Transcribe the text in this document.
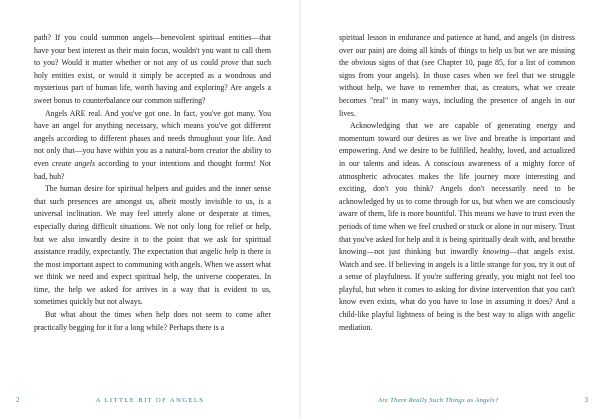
path? If you could summon angels—benevolent spiritual entities—that have your best interest as their main focus, wouldn't you want to call them to you? Would it matter whether or not any of us could prove that such holy entities exist, or would it simply be accepted as a wondrous and mysterious part of human life, worth having and exploring? Are angels a sweet bonus to counterbalance our common suffering?

Angels ARE real. And you've got one. In fact, you've got many. You have an angel for anything necessary, which means you've got different angels according to different phases and needs throughout your life. And not only that—you have within you as a natural-born creator the ability to even create angels according to your intentions and thought forms! Not bad, huh?

The human desire for spiritual helpers and guides and the inner sense that such presences are amongst us, albeit mostly invisible to us, is a universal inclination. We may feel utterly alone or desperate at times, especially during difficult situations. We not only long for relief or help, but we also inwardly desire it to the point that we ask for spiritual assistance readily, expectantly. The expectation that angelic help is there is the most important aspect to communing with angels. When we assert what we think we need and expect spiritual help, the universe cooperates. In time, the help we asked for arrives in a way that is evident to us, sometimes quickly but not always.

But what about the times when help does not seem to come after practically begging for it for a long while? Perhaps there is a

2	A LITTLE BIT OF ANGELS

spiritual lesson in endurance and patience at hand, and angels (in distress over our pain) are doing all kinds of things to help us but we are missing the obvious signs of that (see Chapter 10, page 85, for a list of common signs from your angels). In those cases when we feel that we struggle without help, we have to remember that, as creators, what we create becomes "real" in many ways, including the presence of angels in our lives.

Acknowledging that we are capable of generating energy and momentum toward our desires as we live and breathe is important and empowering. And we desire to be fulfilled, healthy, loved, and actualized in our talents and ideas. A conscious awareness of a mighty force of atmospheric advocates makes the life journey more interesting and exciting, don't you think? Angels don't necessarily need to be acknowledged by us to come through for us, but when we are consciously aware of them, life is more bountiful. This means we have to trust even the periods of time when we feel crushed or stuck or alone in our misery. Trust that you've asked for help and it is being spiritually dealt with, and breathe knowing—not just thinking but inwardly knowing—that angels exist. Watch and see. If believing in angels is a little strange for you, try it out of a sense of playfulness. If you're suffering greatly, you might not feel too playful, but when it comes to asking for divine intervention that you can't know even exists, what do you have to lose in assuming it does? And a child-like playful lightness of being is the best way to align with angelic mediation.

Are There Really Such Things as Angels?	3
